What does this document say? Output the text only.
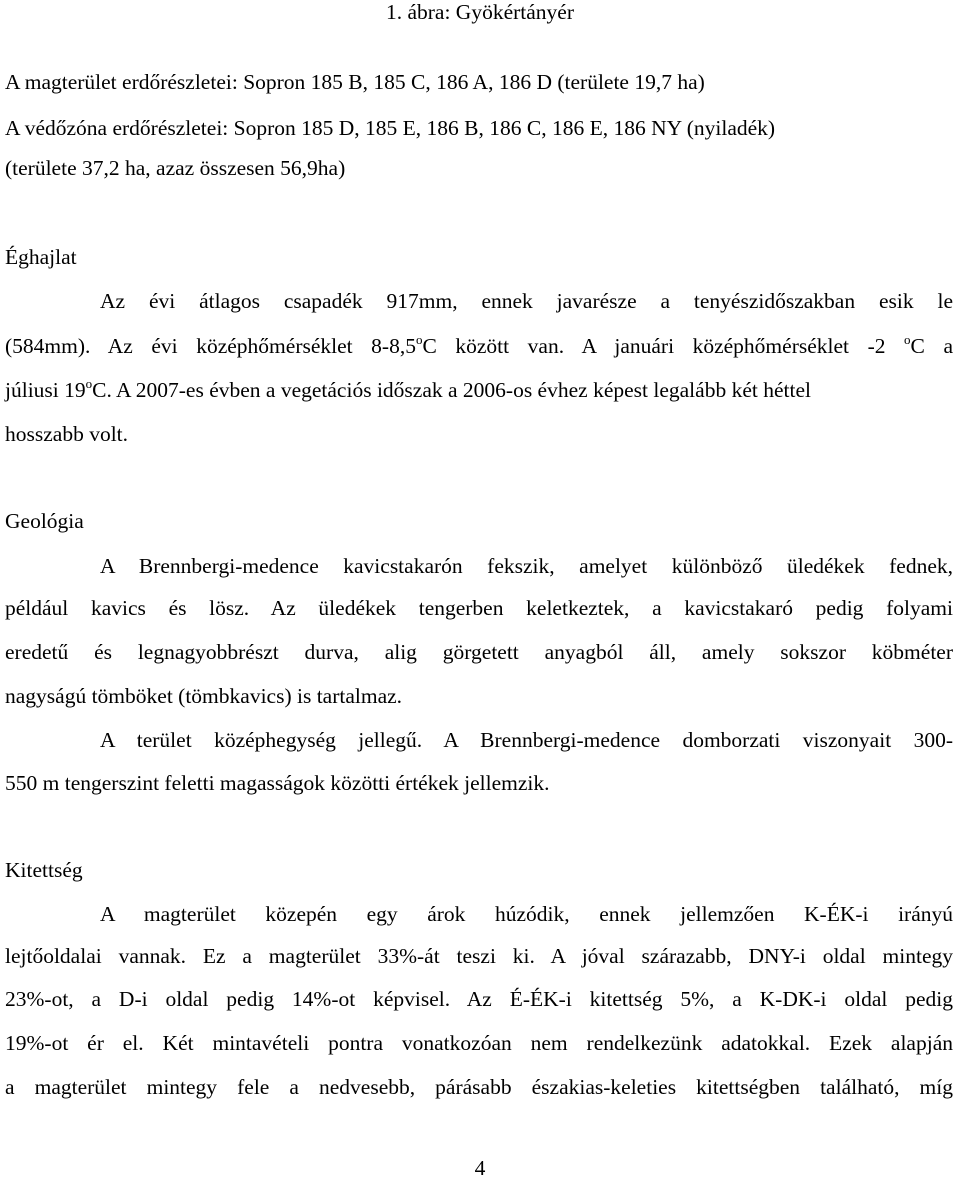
1. ábra: Gyökértányér
A magterület erdőrészletei: Sopron 185 B, 185 C, 186 A, 186 D (területe 19,7 ha)
A védőzóna erdőrészletei: Sopron 185 D, 185 E, 186 B, 186 C, 186 E, 186 NY (nyiladék)
(területe 37,2 ha, azaz összesen 56,9ha)
Éghajlat
Az évi átlagos csapadék 917mm, ennek javarésze a tenyészidőszakban esik le
(584mm). Az évi középhőmérséklet 8-8,5$^o$C között van. A januári középhőmérséklet -2 $^o$C a
júliusi 19$^o$C. A 2007-es évben a vegetációs időszak a 2006-os évhez képest legalább két héttel
hosszabb volt.
Geológia
A Brennbergi-medence kavicstakarón fekszik, amelyet különböző üledékek fednek,
például kavics és lösz. Az üledékek tengerben keletkeztek, a kavicstakaró pedig folyami
eredetű és legnagyobbrészt durva, alig görgetett anyagból áll, amely sokszor köbméter
nagyságú tömböket (tömbkavics) is tartalmaz.
A terület középhegység jellegű. A Brennbergi-medence domborzati viszonyait 300-
550 m tengerszint feletti magasságok közötti értékek jellemzik.
Kitettség
A magterület közepén egy árok húzódik, ennek jellemzően K-ÉK-i irányú
lejtőoldalai vannak. Ez a magterület 33%-át teszi ki. A jóval szárazabb, DNY-i oldal mintegy
23%-ot, a D-i oldal pedig 14%-ot képvisel. Az É-ÉK-i kitettség 5%, a K-DK-i oldal pedig
19%-ot ér el. Két mintavételi pontra vonatkozóan nem rendelkezünk adatokkal. Ezek alapján
a magterület mintegy fele a nedvesebb, párásabb északias-keleties kitettségben található, míg
4
